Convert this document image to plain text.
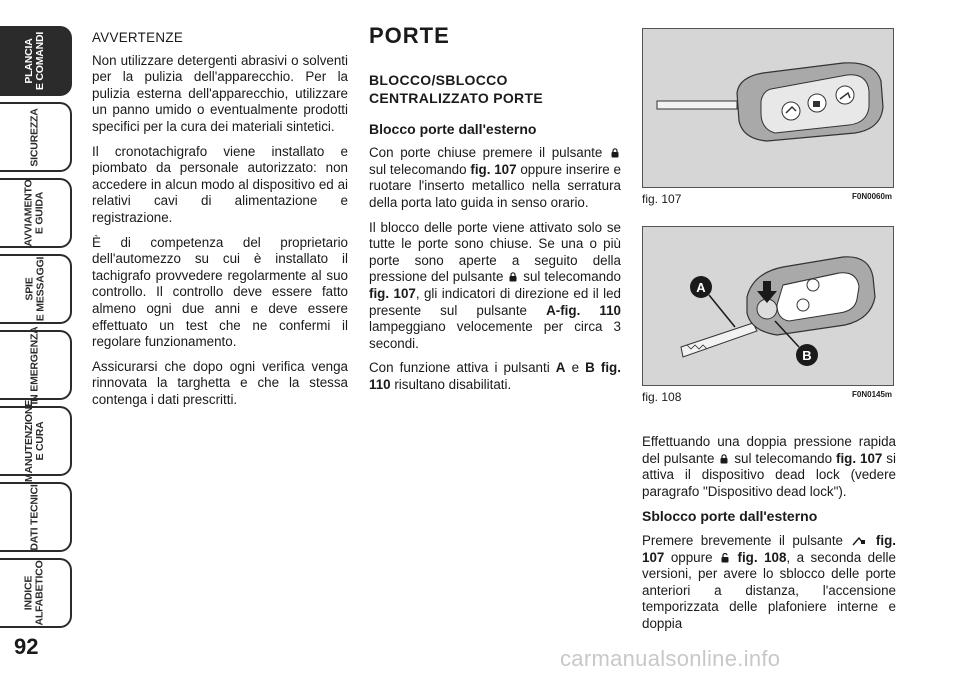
PLANCIA
E COMANDI
SICUREZZA
AVVIAMENTO
E GUIDA
SPIE
E MESSAGGI
IN EMERGENZA
MANUTENZIONE
E CURA
DATI TECNICI
INDICE
ALFABETICO
92

AVVERTENZE

Non utilizzare detergenti abrasivi o solventi per la pulizia dell'apparecchio. Per la pulizia esterna dell'apparecchio, utilizzare un panno umido o eventualmente prodotti specifici per la cura dei materiali sintetici.

Il cronotachigrafo viene installato e piombato da personale autorizzato: non accedere in alcun modo al dispositivo ed ai relativi cavi di alimentazione e registrazione.

È di competenza del proprietario dell'automezzo su cui è installato il tachigrafo provvedere regolarmente al suo controllo. Il controllo deve essere fatto almeno ogni due anni e deve essere effettuato un test che ne confermi il regolare funzionamento.

Assicurarsi che dopo ogni verifica venga rinnovata la targhetta e che la stessa contenga i dati prescritti.

PORTE

BLOCCO/SBLOCCO CENTRALIZZATO PORTE

Blocco porte dall'esterno

Con porte chiuse premere il pulsante  sul telecomando fig. 107 oppure inserire e ruotare l'inserto metallico nella serratura della porta lato guida in senso orario.

Il blocco delle porte viene attivato solo se tutte le porte sono chiuse. Se una o più porte sono aperte a seguito della pressione del pulsante sul telecomando fig. 107, gli indicatori di direzione ed il led presente sul pulsante A-fig. 110 lampeggiano velocemente per circa 3 secondi.

Con funzione attiva i pulsanti A e B fig. 110 risultano disabilitati.

fig. 107	F0N0060m
A
B
fig. 108	F0N0145m

Effettuando una doppia pressione rapida del pulsante sul telecomando fig. 107 si attiva il dispositivo dead lock (vedere paragrafo "Dispositivo dead lock").

Sblocco porte dall'esterno

Premere brevemente il pulsante fig. 107 oppure fig. 108, a seconda delle versioni, per avere lo sblocco delle porte anteriori a distanza, l'accensione temporizzata delle plafoniere interne e doppia

carmanualsonline.info
